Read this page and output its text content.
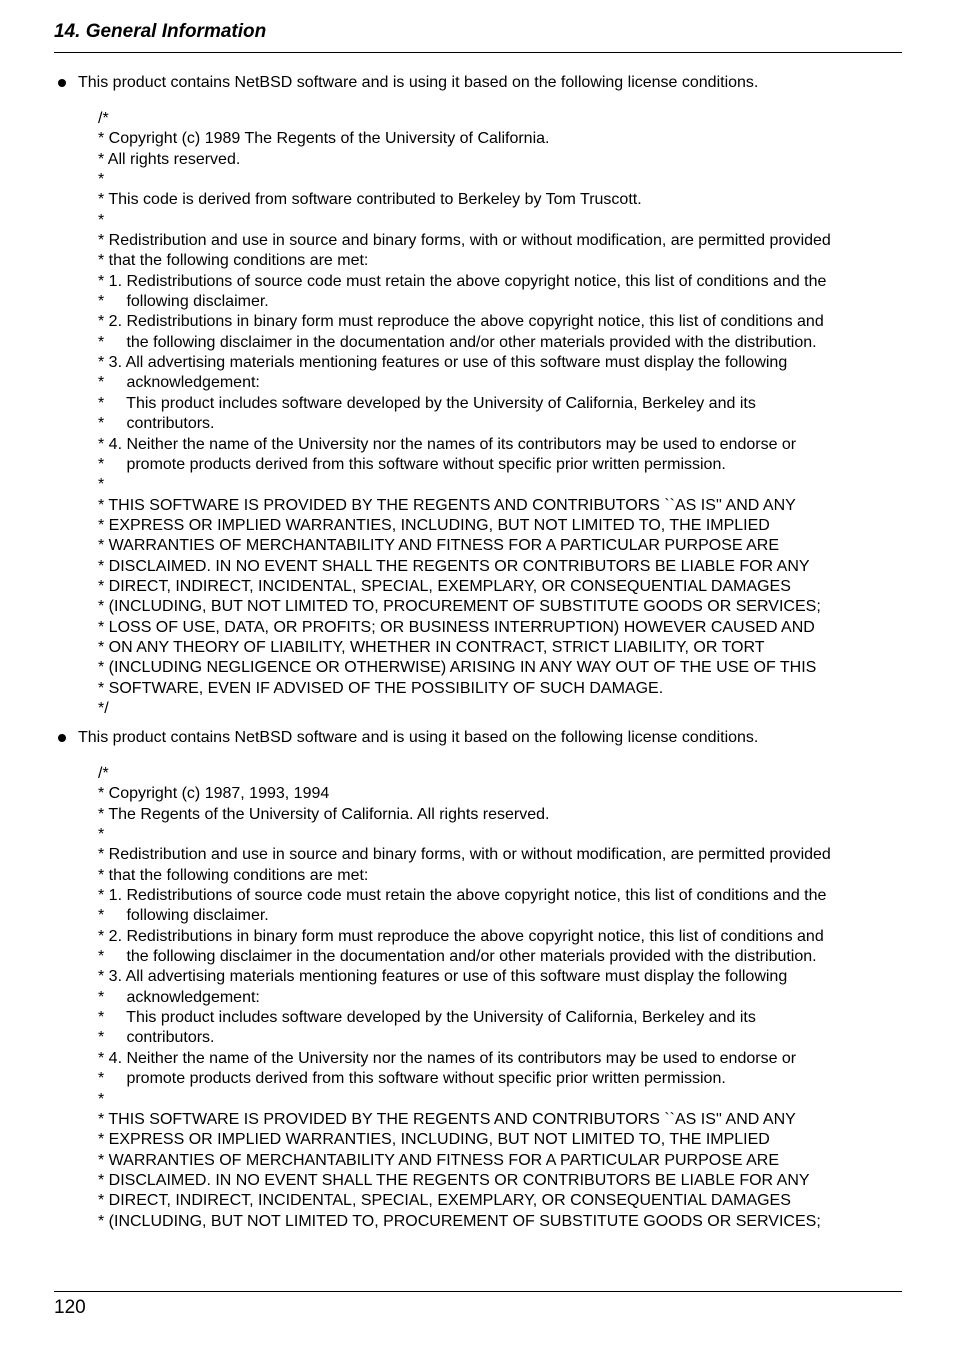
14. General Information
This product contains NetBSD software and is using it based on the following license conditions.
/*
* Copyright (c) 1989 The Regents of the University of California.
* All rights reserved.
*
* This code is derived from software contributed to Berkeley by Tom Truscott.
*
* Redistribution and use in source and binary forms, with or without modification, are permitted provided
* that the following conditions are met:
* 1. Redistributions of source code must retain the above copyright notice, this list of conditions and the
*     following disclaimer.
* 2. Redistributions in binary form must reproduce the above copyright notice, this list of conditions and
*     the following disclaimer in the documentation and/or other materials provided with the distribution.
* 3. All advertising materials mentioning features or use of this software must display the following
*     acknowledgement:
*     This product includes software developed by the University of California, Berkeley and its
*     contributors.
* 4. Neither the name of the University nor the names of its contributors may be used to endorse or
*     promote products derived from this software without specific prior written permission.
*
* THIS SOFTWARE IS PROVIDED BY THE REGENTS AND CONTRIBUTORS ``AS IS'' AND ANY
* EXPRESS OR IMPLIED WARRANTIES, INCLUDING, BUT NOT LIMITED TO, THE IMPLIED
* WARRANTIES OF MERCHANTABILITY AND FITNESS FOR A PARTICULAR PURPOSE ARE
* DISCLAIMED. IN NO EVENT SHALL THE REGENTS OR CONTRIBUTORS BE LIABLE FOR ANY
* DIRECT, INDIRECT, INCIDENTAL, SPECIAL, EXEMPLARY, OR CONSEQUENTIAL DAMAGES
* (INCLUDING, BUT NOT LIMITED TO, PROCUREMENT OF SUBSTITUTE GOODS OR SERVICES;
* LOSS OF USE, DATA, OR PROFITS; OR BUSINESS INTERRUPTION) HOWEVER CAUSED AND
* ON ANY THEORY OF LIABILITY, WHETHER IN CONTRACT, STRICT LIABILITY, OR TORT
* (INCLUDING NEGLIGENCE OR OTHERWISE) ARISING IN ANY WAY OUT OF THE USE OF THIS
* SOFTWARE, EVEN IF ADVISED OF THE POSSIBILITY OF SUCH DAMAGE.
*/
This product contains NetBSD software and is using it based on the following license conditions.
/*
* Copyright (c) 1987, 1993, 1994
* The Regents of the University of California. All rights reserved.
*
* Redistribution and use in source and binary forms, with or without modification, are permitted provided
* that the following conditions are met:
* 1. Redistributions of source code must retain the above copyright notice, this list of conditions and the
*     following disclaimer.
* 2. Redistributions in binary form must reproduce the above copyright notice, this list of conditions and
*     the following disclaimer in the documentation and/or other materials provided with the distribution.
* 3. All advertising materials mentioning features or use of this software must display the following
*     acknowledgement:
*     This product includes software developed by the University of California, Berkeley and its
*     contributors.
* 4. Neither the name of the University nor the names of its contributors may be used to endorse or
*     promote products derived from this software without specific prior written permission.
*
* THIS SOFTWARE IS PROVIDED BY THE REGENTS AND CONTRIBUTORS ``AS IS'' AND ANY
* EXPRESS OR IMPLIED WARRANTIES, INCLUDING, BUT NOT LIMITED TO, THE IMPLIED
* WARRANTIES OF MERCHANTABILITY AND FITNESS FOR A PARTICULAR PURPOSE ARE
* DISCLAIMED. IN NO EVENT SHALL THE REGENTS OR CONTRIBUTORS BE LIABLE FOR ANY
* DIRECT, INDIRECT, INCIDENTAL, SPECIAL, EXEMPLARY, OR CONSEQUENTIAL DAMAGES
* (INCLUDING, BUT NOT LIMITED TO, PROCUREMENT OF SUBSTITUTE GOODS OR SERVICES;
120
